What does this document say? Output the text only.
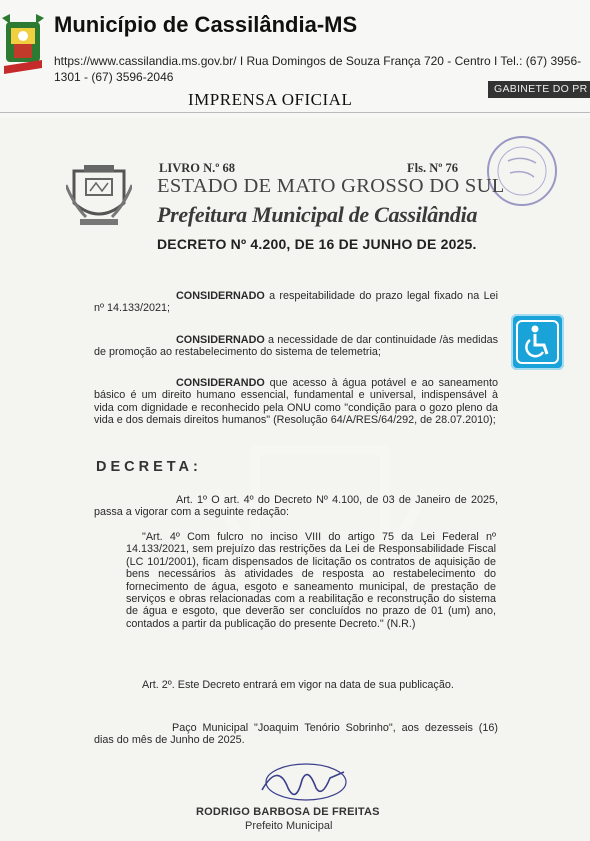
Município de Cassilândia-MS
https://www.cassilandia.ms.gov.br/ I Rua Domingos de Souza França 720 - Centro I Tel.: (67) 3956-1301 - (67) 3596-2046
IMPRENSA OFICIAL
GABINETE DO PR
LIVRO N.º 68	Fls. Nº 76
ESTADO DE MATO GROSSO DO SUL
Prefeitura Municipal de Cassilândia
DECRETO Nº 4.200, DE 16 DE JUNHO DE 2025.
CONSIDERNADO a respeitabilidade do prazo legal fixado na Lei nº 14.133/2021;
CONSIDERNADO a necessidade de dar continuidade /às medidas de promoção ao restabelecimento do sistema de telemetria;
CONSIDERANDO que acesso à água potável e ao saneamento básico é um direito humano essencial, fundamental e universal, indispensável à vida com dignidade e reconhecido pela ONU como "condição para o gozo pleno da vida e dos demais direitos humanos" (Resolução 64/A/RES/64/292, de 28.07.2010);
DECRETA:
Art. 1º O art. 4º do Decreto Nº 4.100, de 03 de Janeiro de 2025, passa a vigorar com a seguinte redação:
"Art. 4º Com fulcro no inciso VIII do artigo 75 da Lei Federal nº 14.133/2021, sem prejuízo das restrições da Lei de Responsabilidade Fiscal (LC 101/2001), ficam dispensados de licitação os contratos de aquisição de bens necessários às atividades de resposta ao restabelecimento do fornecimento de água, esgoto e saneamento municipal, de prestação de serviços e obras relacionadas com a reabilitação e reconstrução do sistema de água e esgoto, que deverão ser concluídos no prazo de 01 (um) ano, contados a partir da publicação do presente Decreto." (N.R.)
Art. 2º. Este Decreto entrará em vigor na data de sua publicação.
Paço Municipal "Joaquim Tenório Sobrinho", aos dezesseis (16) dias do mês de Junho de 2025.
RODRIGO BARBOSA DE FREITAS
Prefeito Municipal
